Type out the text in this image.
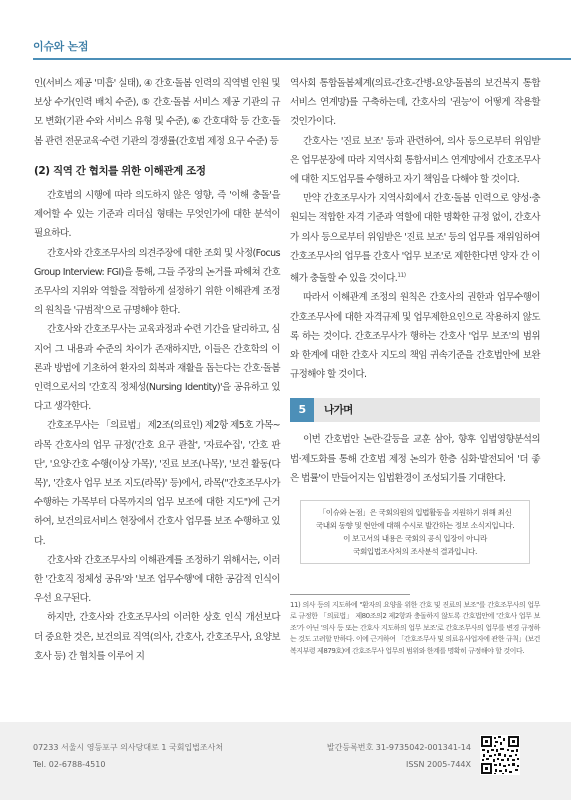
이슈와 논점

인(서비스 제공 '미흡' 실태), ④ 간호·돌봄 인력의 직역별 인원 및 보상 수가(인력 배치 수준), ⑤ 간호·돌봄 서비스 제공 기관의 규모 변화(기관 수와 서비스 유형 및 수준), ⑥ 간호대학 등 간호·돌봄 관련 전문교육·수련 기관의 경쟁률(간호법 제정 요구 수준) 등

(2) 직역 간 협치를 위한 이해관계 조정

간호법의 시행에 따라 의도하지 않은 영향, 즉 '이해 충돌'을 제어할 수 있는 기준과 리더십 형태는 무엇인가에 대한 분석이 필요하다.

간호사와 간호조무사의 의견주장에 대한 조회 및 사정(Focus Group Interview: FGI)을 통해, 그들 주장의 논거를 파헤쳐 간호조무사의 지위와 역할을 적합하게 설정하기 위한 이해관계 조정의 원칙을 '규범적'으로 규명해야 한다.

간호사와 간호조무사는 교육과정과 수련 기간을 달리하고, 심지어 그 내용과 수준의 차이가 존재하지만, 이들은 간호학의 이론과 방법에 기초하여 환자의 회복과 재활을 돕는다는 간호·돌봄 인력으로서의 '간호직 정체성(Nursing Identity)'을 공유하고 있다고 생각한다.

간호조무사는 「의료법」 제2조(의료인) 제2항 제5호 가목~라목 간호사의 업무 규정('간호 요구 관찰', '자료수집', '간호 판단', '요양·간호 수행(이상 가목)', '진료 보조(나목)', '보건 활동(다목)', '간호사 업무 보조 지도(라목)' 등)에서, 라목("간호조무사가 수행하는 가목부터 다목까지의 업무 보조에 대한 지도")에 근거하여, 보건의료서비스 현장에서 간호사 업무를 보조 수행하고 있다.

간호사와 간호조무사의 이해관계를 조정하기 위해서는, 이러한 '간호직 정체성 공유'와 '보조 업무수행'에 대한 공감적 인식이 우선 요구된다.

하지만, 간호사와 간호조무사의 이러한 상호 인식 개선보다 더 중요한 것은, 보건의료 직역(의사, 간호사, 간호조무사, 요양보호사 등) 간 협치를 이루어 지

역사회 통합돌봄체계(의료-간호-간병-요양-돌봄의 보건복지 통합서비스 연계망)를 구축하는데, 간호사의 '권능'이 어떻게 작용할 것인가이다.

간호사는 '진료 보조' 등과 관련하여, 의사 등으로부터 위임받은 업무분장에 따라 지역사회 통합서비스 연계망에서 간호조무사에 대한 지도업무를 수행하고 자기 책임을 다해야 할 것이다.

만약 간호조무사가 지역사회에서 간호·돌봄 인력으로 양성·충원되는 적합한 자격 기준과 역할에 대한 명확한 규정 없이, 간호사가 의사 등으로부터 위임받은 '진료 보조' 등의 업무를 재위임하여 간호조무사의 업무를 간호사 '업무 보조'로 제한한다면 양자 간 이해가 충돌할 수 있을 것이다.$^{11)}$

따라서 이해관계 조정의 원칙은 간호사의 권한과 업무수행이 간호조무사에 대한 자격규제 및 업무제한요인으로 작용하지 않도록 하는 것이다. 간호조무사가 행하는 간호사 '업무 보조'의 범위와 한계에 대한 간호사 지도의 책임 귀속기준을 간호법안에 보완 규정해야 할 것이다.

5	나가며

이번 간호법안 논란·갈등을 교훈 삼아, 향후 입법영향분석의 법·제도화를 통해 간호법 제정 논의가 한층 심화·발전되어 '더 좋은 법률'이 만들어지는 입법환경이 조성되기를 기대한다.

「이슈와 논점」은 국회의원의 입법활동을 지원하기 위해 최신

국내외 동향 및 현안에 대해 수시로 발간하는 정보 소식지입니다.

이 보고서의 내용은 국회의 공식 입장이 아니라

국회입법조사처의 조사분석 결과입니다.

11) 의사 등의 지도하에 "환자의 요양을 위한 간호 및 진료의 보조"를 간호조무사의 업무로 규정한 「의료법」 제80조의2 제2항과 충돌하지 않도록 간호법안에 '간호사 업무 보조'가 아닌 '의사 등 또는 간호사 지도하의 업무 보조'로 간호조무사의 업무를 변경 규정하는 것도 고려할 만하다. 이에 근거하여 「간호조무사 및 의료유사업자에 관한 규칙」(보건복지부령 제879호)에 간호조무사 업무의 범위와 한계를 명확히 규정해야 할 것이다.

07233 서울시 영등포구 의사당대로 1 국회입법조사처
Tel. 02-6788-4510
발간등록번호 31-9735042-001341-14
ISSN 2005-744X
